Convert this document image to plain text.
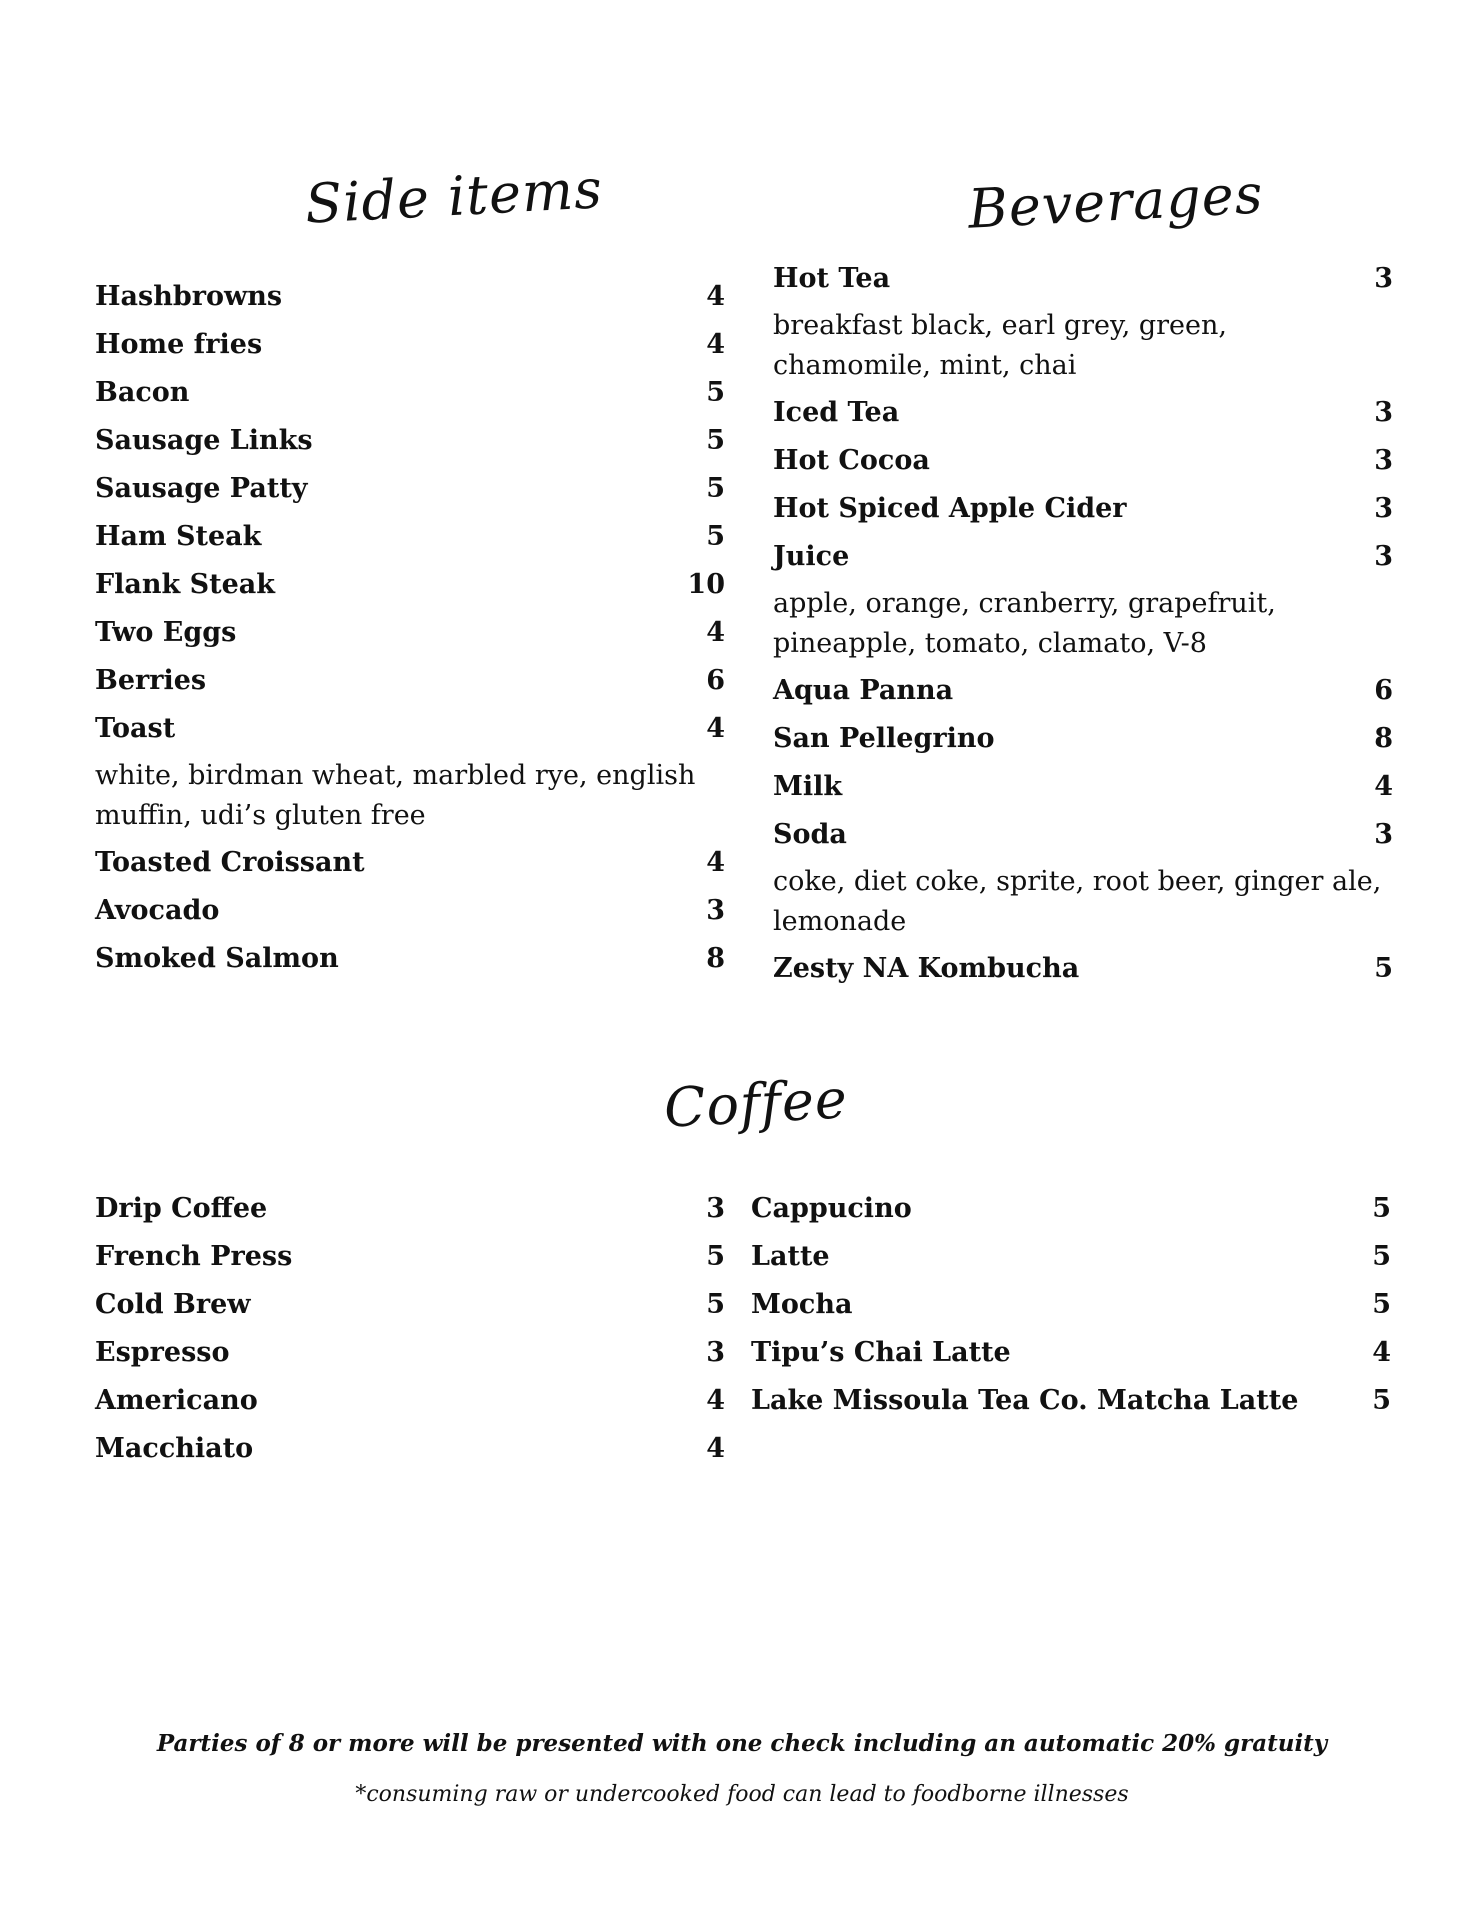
Side items	Beverages
Coffee
Hashbrowns	4
Home fries	4
Bacon	5
Sausage Links	5
Sausage Patty	5
Ham Steak	5
Flank Steak	10
Two Eggs	4
Berries	6
Toast	4
white, birdman wheat, marbled rye, english muffin, udi’s gluten free
Toasted Croissant	4
Avocado	3
Smoked Salmon	8
Hot Tea	3
breakfast black, earl grey, green, chamomile, mint, chai
Iced Tea	3
Hot Cocoa	3
Hot Spiced Apple Cider	3
Juice	3
apple, orange, cranberry, grapefruit, pineapple, tomato, clamato, V-8
Aqua Panna	6
San Pellegrino	8
Milk	4
Soda	3
coke, diet coke, sprite, root beer, ginger ale, lemonade
Zesty NA Kombucha	5
Drip Coffee	3
French Press	5
Cold Brew	5
Espresso	3
Americano	4
Macchiato	4
Cappucino	5
Latte	5
Mocha	5
Tipu’s Chai Latte	4
Lake Missoula Tea Co. Matcha Latte	5
Parties of 8 or more will be presented with one check including an automatic 20% gratuity
*consuming raw or undercooked food can lead to foodborne illnesses
